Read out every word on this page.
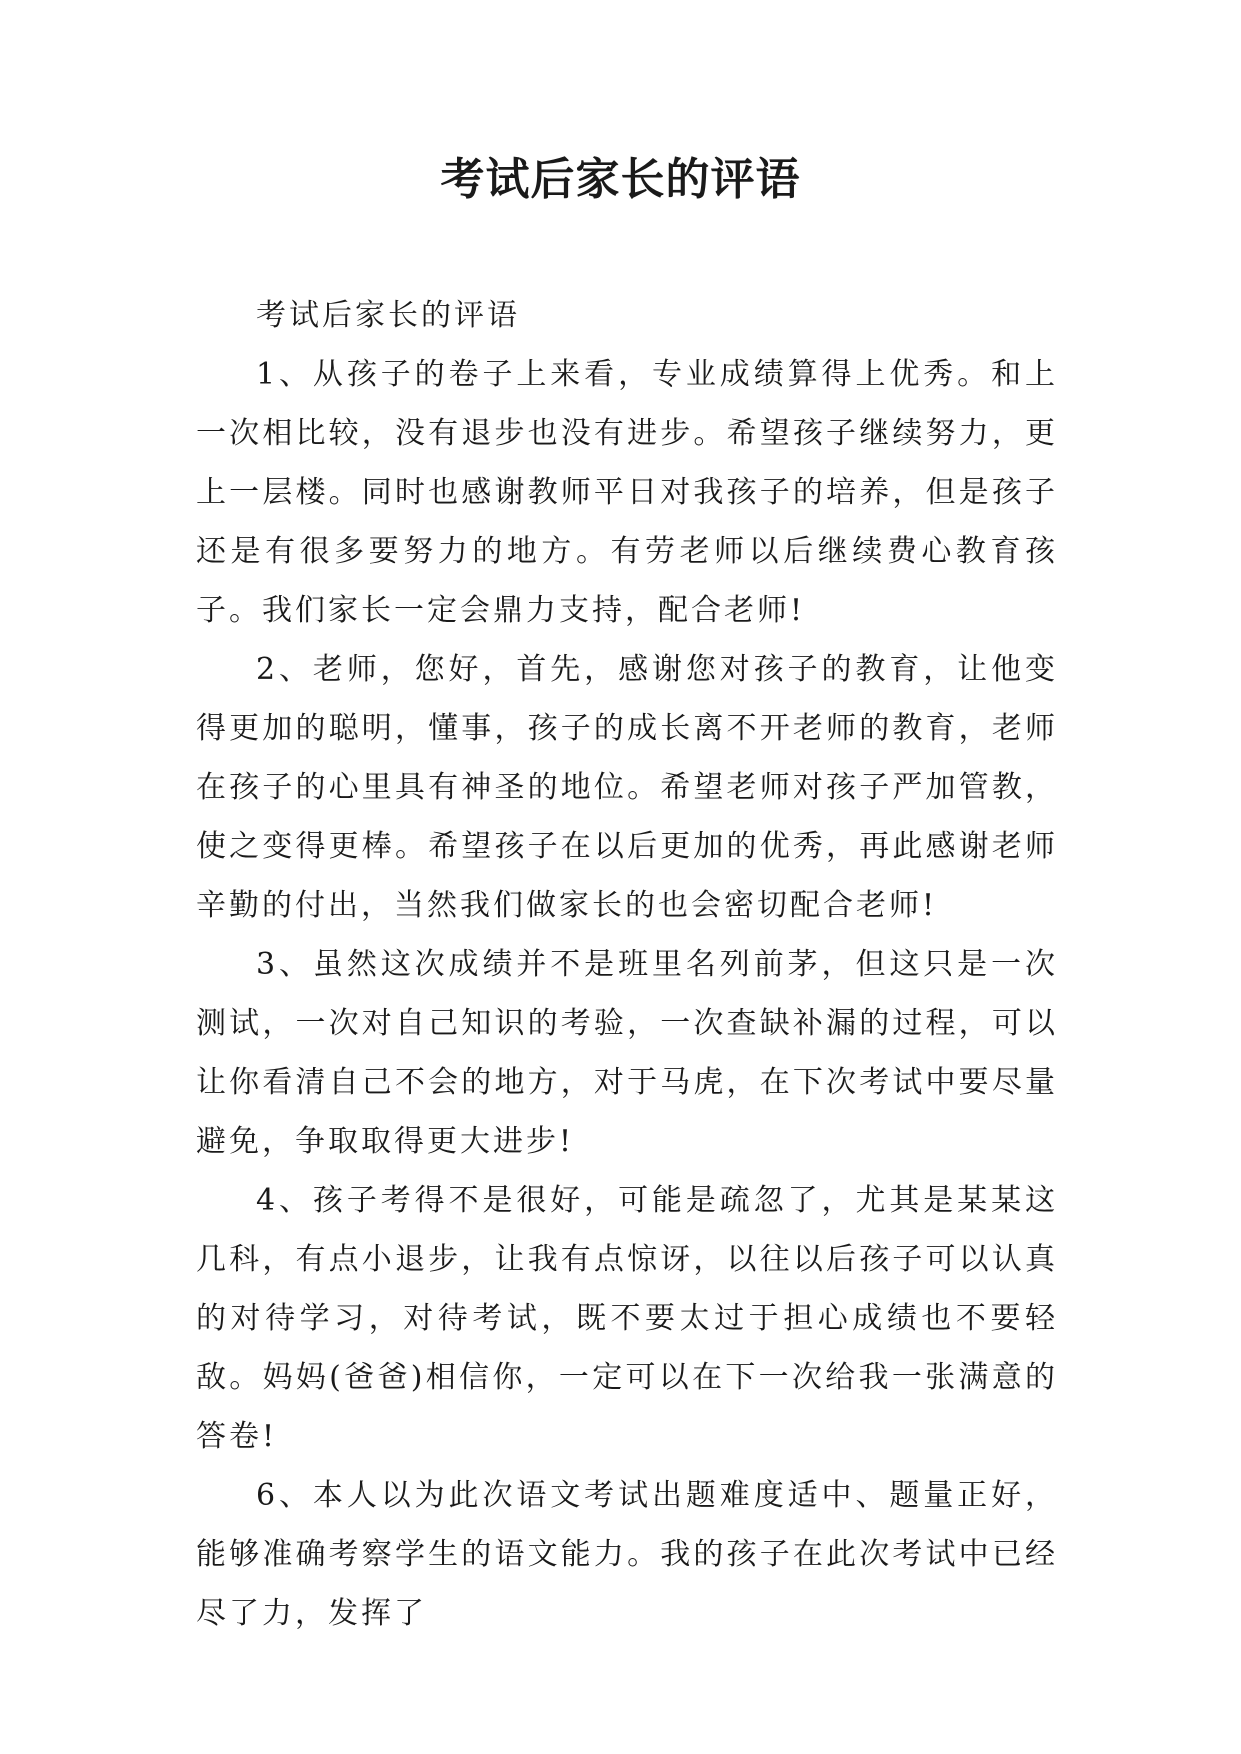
考试后家长的评语

考试后家长的评语

1、从孩子的卷子上来看，专业成绩算得上优秀。和上一次相比较，没有退步也没有进步。希望孩子继续努力，更上一层楼。同时也感谢教师平日对我孩子的培养，但是孩子还是有很多要努力的地方。有劳老师以后继续费心教育孩子。我们家长一定会鼎力支持，配合老师!

2、老师，您好，首先，感谢您对孩子的教育，让他变得更加的聪明，懂事，孩子的成长离不开老师的教育，老师在孩子的心里具有神圣的地位。希望老师对孩子严加管教，使之变得更棒。希望孩子在以后更加的优秀，再此感谢老师辛勤的付出，当然我们做家长的也会密切配合老师!

3、虽然这次成绩并不是班里名列前茅，但这只是一次测试，一次对自己知识的考验，一次查缺补漏的过程，可以让你看清自己不会的地方，对于马虎，在下次考试中要尽量避免，争取取得更大进步!

4、孩子考得不是很好，可能是疏忽了，尤其是某某这几科，有点小退步，让我有点惊讶，以往以后孩子可以认真的对待学习，对待考试，既不要太过于担心成绩也不要轻敌。妈妈(爸爸)相信你，一定可以在下一次给我一张满意的答卷!

6、本人以为此次语文考试出题难度适中、题量正好，能够准确考察学生的语文能力。我的孩子在此次考试中已经尽了力，发挥了
